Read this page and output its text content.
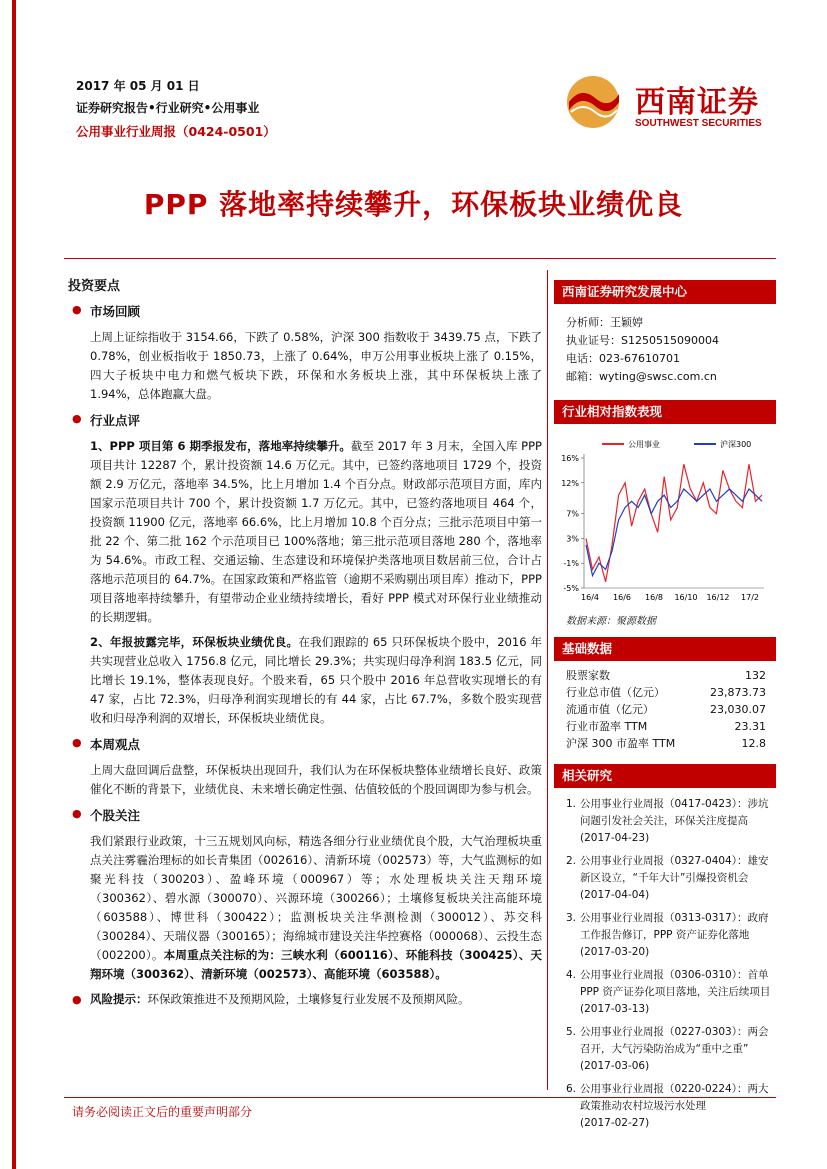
2017 年 05 月 01 日
证券研究报告•行业研究•公用事业
公用事业行业周报（0424-0501）
西南证券
SOUTHWEST SECURITIES
PPP 落地率持续攀升，环保板块业绩优良
投资要点
● 市场回顾
上周上证综指收于 3154.66，下跌了 0.58%，沪深 300 指数收于 3439.75 点，下跌了 0.78%，创业板指收于 1850.73，上涨了 0.64%，申万公用事业板块上涨了 0.15%，四大子板块中电力和燃气板块下跌，环保和水务板块上涨，其中环保板块上涨了 1.94%，总体跑赢大盘。
● 行业点评
1、PPP 项目第 6 期季报发布，落地率持续攀升。截至 2017 年 3 月末，全国入库 PPP 项目共计 12287 个，累计投资额 14.6 万亿元。其中，已签约落地项目 1729 个，投资额 2.9 万亿元，落地率 34.5%，比上月增加 1.4 个百分点。财政部示范项目方面，库内国家示范项目共计 700 个，累计投资额 1.7 万亿元。其中，已签约落地项目 464 个，投资额 11900 亿元，落地率 66.6%，比上月增加 10.8 个百分点；三批示范项目中第一批 22 个、第二批 162 个示范项目已 100%落地；第三批示范项目落地 280 个，落地率为 54.6%。市政工程、交通运输、生态建设和环境保护类落地项目数居前三位，合计占落地示范项目的 64.7%。在国家政策和严格监管（逾期不采购剔出项目库）推动下，PPP 项目落地率持续攀升，有望带动企业业绩持续增长，看好 PPP 模式对环保行业业绩推动的长期逻辑。
2、年报披露完毕，环保板块业绩优良。在我们跟踪的 65 只环保板块个股中，2016 年共实现营业总收入 1756.8 亿元，同比增长 29.3%；共实现归母净利润 183.5 亿元，同比增长 19.1%，整体表现良好。个股来看，65 只个股中 2016 年总营收实现增长的有 47 家，占比 72.3%，归母净利润实现增长的有 44 家，占比 67.7%，多数个股实现营收和归母净利润的双增长，环保板块业绩优良。
● 本周观点
上周大盘回调后盘整，环保板块出现回升，我们认为在环保板块整体业绩增长良好、政策催化不断的背景下，业绩优良、未来增长确定性强、估值较低的个股回调即为参与机会。
● 个股关注
我们紧跟行业政策，十三五规划风向标，精选各细分行业业绩优良个股，大气治理板块重点关注雾霾治理标的如长青集团（002616）、清新环境（002573）等，大气监测标的如聚光科技（300203）、盈峰环境（000967）等；水处理板块关注天翔环境（300362）、碧水源（300070）、兴源环境（300266）；土壤修复板块关注高能环境（603588）、博世科（300422）；监测板块关注华测检测（300012）、苏交科（300284）、天瑞仪器（300165）；海绵城市建设关注华控赛格（000068）、云投生态（002200）。本周重点关注标的为：三峡水利（600116）、环能科技（300425）、天翔环境（300362）、清新环境（002573）、高能环境（603588）。
● 风险提示：环保政策推进不及预期风险，土壤修复行业发展不及预期风险。
西南证券研究发展中心
分析师：王颖婷
执业证号：S1250515090004
电话：023-67610701
邮箱：wyting@swsc.com.cn
行业相对指数表现
16%
12%
7%
3%
-1%
-5%
16/4 16/6 16/8 16/10 16/12 17/2
公用事业	沪深300
数据来源：聚源数据
基础数据
股票家数	132
行业总市值（亿元）	23,873.73
流通市值（亿元）	23,030.07
行业市盈率 TTM	23.31
沪深 300 市盈率 TTM	12.8
相关研究
1. 公用事业行业周报（0417-0423）：涉坑问题引发社会关注，环保关注度提高
(2017-04-23)
2. 公用事业行业周报（0327-0404）：雄安新区设立，“千年大计”引爆投资机会
(2017-04-04)
3. 公用事业行业周报（0313-0317）：政府工作报告修订，PPP 资产证券化落地
(2017-03-20)
4. 公用事业行业周报（0306-0310）：首单 PPP 资产证券化项目落地，关注后续项目
(2017-03-13)
5. 公用事业行业周报（0227-0303）：两会召开，大气污染防治成为“重中之重”
(2017-03-06)
6. 公用事业行业周报（0220-0224）：两大政策推动农村垃圾污水处理
(2017-02-27)
请务必阅读正文后的重要声明部分
